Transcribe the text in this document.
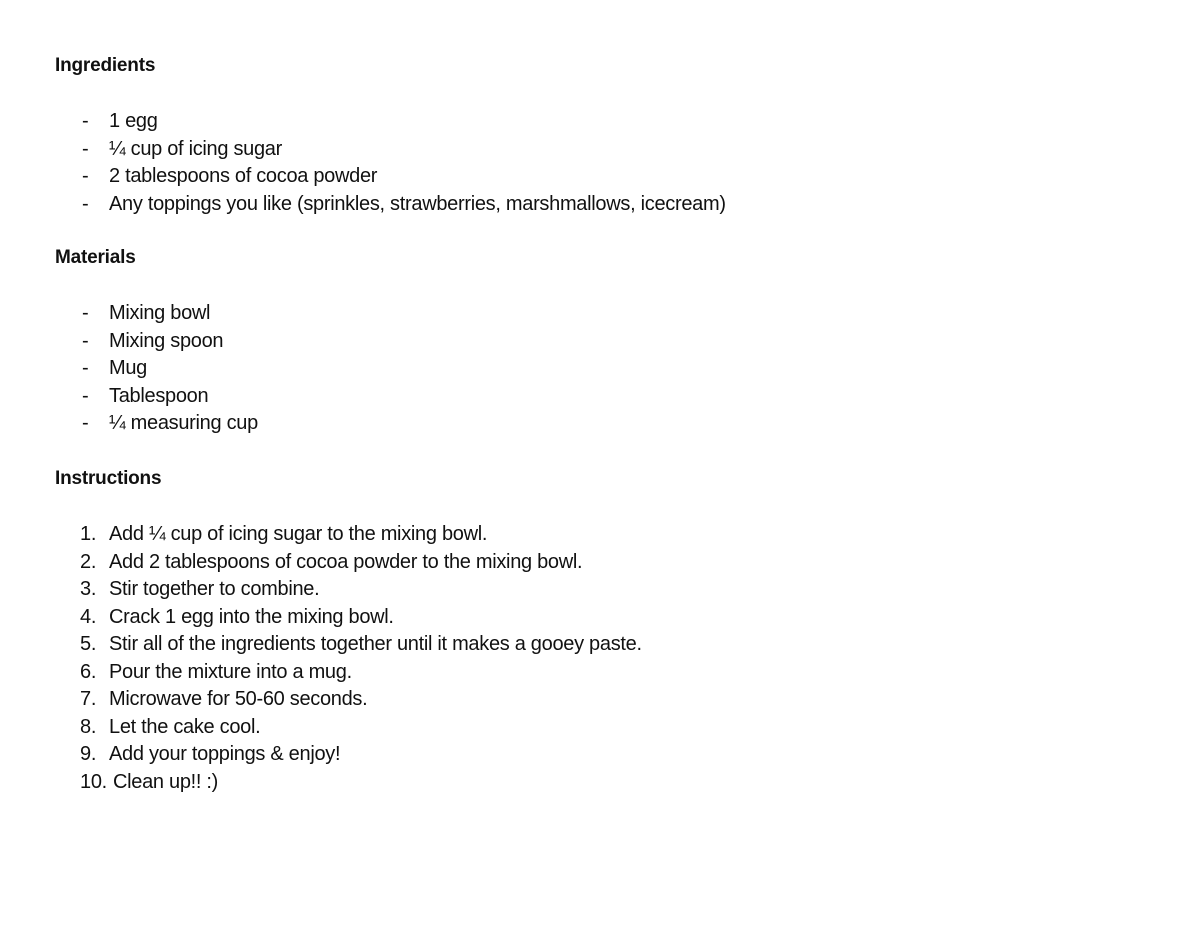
Ingredients
-	1 egg
-	¼ cup of icing sugar
-	2 tablespoons of cocoa powder
-	Any toppings you like (sprinkles, strawberries, marshmallows, icecream)
Materials
-	Mixing bowl
-	Mixing spoon
-	Mug
-	Tablespoon
-	¼ measuring cup
Instructions
1. Add ¼ cup of icing sugar to the mixing bowl.
2. Add 2 tablespoons of cocoa powder to the mixing bowl.
3. Stir together to combine.
4. Crack 1 egg into the mixing bowl.
5. Stir all of the ingredients together until it makes a gooey paste.
6. Pour the mixture into a mug.
7. Microwave for 50-60 seconds.
8. Let the cake cool.
9. Add your toppings & enjoy!
10. Clean up!! :)
